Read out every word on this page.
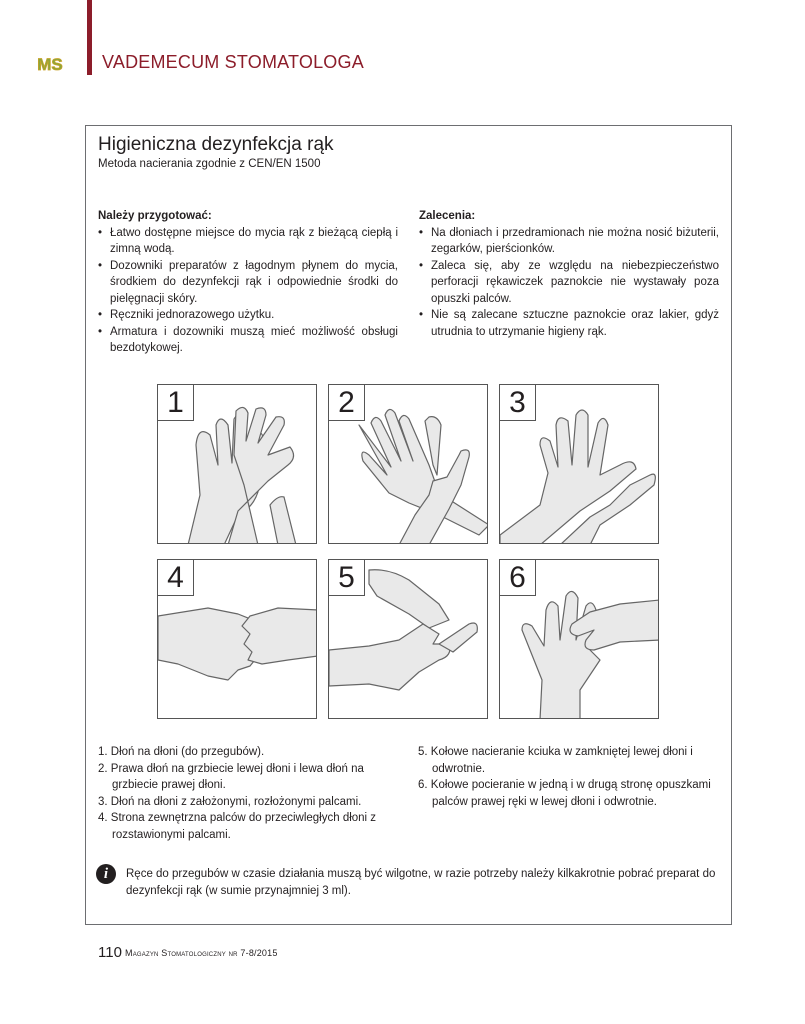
MS VADEMECUM STOMATOLOGA
Higieniczna dezynfekcja rąk
Metoda nacierania zgodnie z CEN/EN 1500
Należy przygotować:
• Łatwo dostępne miejsce do mycia rąk z bieżącą ciepłą i zimną wodą.
• Dozowniki preparatów z łagodnym płynem do mycia, środkiem do dezynfekcji rąk i odpowiednie środki do pielęgnacji skóry.
• Ręczniki jednorazowego użytku.
• Armatura i dozowniki muszą mieć możliwość obsługi bezdotykowej.
Zalecenia:
• Na dłoniach i przedramionach nie można nosić biżuterii, zegarków, pierścionków.
• Zaleca się, aby ze względu na niebezpieczeństwo perforacji rękawiczek paznokcie nie wystawały poza opuszki palców.
• Nie są zalecane sztuczne paznokcie oraz lakier, gdyż utrudnia to utrzymanie higieny rąk.
1	2	3
4	5	6
1. Dłoń na dłoni (do przegubów).
2. Prawa dłoń na grzbiecie lewej dłoni i lewa dłoń na grzbiecie prawej dłoni.
3. Dłoń na dłoni z założonymi, rozłożonymi palcami.
4. Strona zewnętrzna palców do przeciwległych dłoni z rozstawionymi palcami.
5. Kołowe nacieranie kciuka w zamkniętej lewej dłoni i odwrotnie.
6. Kołowe pocieranie w jedną i w drugą stronę opuszkami palców prawej ręki w lewej dłoni i odwrotnie.
i	Ręce do przegubów w czasie działania muszą być wilgotne, w razie potrzeby należy kilkakrotnie pobrać preparat do dezynfekcji rąk (w sumie przynajmniej 3 ml).
110 Magazyn Stomatologiczny nr 7-8/2015
